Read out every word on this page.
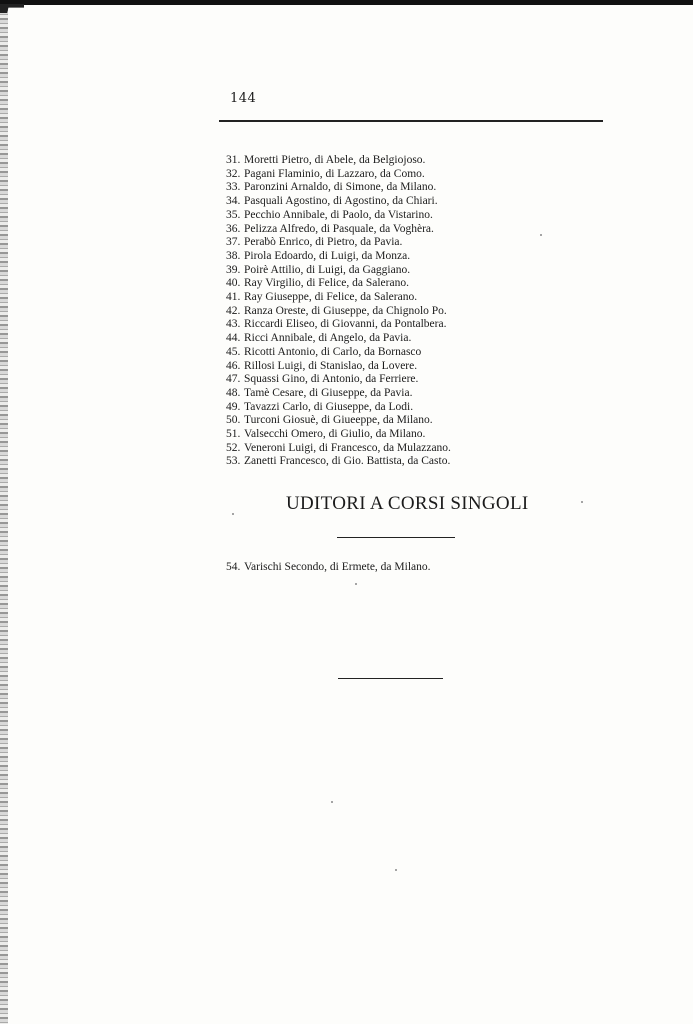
144
31. Moretti Pietro, di Abele, da Belgiojoso.
32. Pagani Flaminio, di Lazzaro, da Como.
33. Paronzini Arnaldo, di Simone, da Milano.
34. Pasquali Agostino, di Agostino, da Chiari.
35. Pecchio Annibale, di Paolo, da Vistarino.
36. Pelizza Alfredo, di Pasquale, da Voghèra.
37. Peraḃò Enrico, di Pietro, da Pavia.
38. Pirola Edoardo, di Luigi, da Monza.
39. Poirè Attilio, di Luigi, da Gaggiano.
40. Ray Virgilio, di Felice, da Salerano.
41. Ray Giuseppe, di Felice, da Salerano.
42. Ranza Oreste, di Giuseppe, da Chignolo Po.
43. Riccardi Eliseo, di Giovanni, da Pontalbera.
44. Ricci Annibale, di Angelo, da Pavia.
45. Ricotti Antonio, di Carlo, da Bornasco
46. Rillosi Luigi, di Stanislao, da Lovere.
47. Squassi Gino, di Antonio, da Ferriere.
48. Tamè Cesare, di Giuseppe, da Pavia.
49. Tavazzi Carlo, di Giuseppe, da Lodi.
50. Turconi Giosuè, di Giueeppe, da Milano.
51. Valsecchi Omero, di Giulio, da Milano.
52. Veneroni Luigi, di Francesco, da Mulazzano.
53. Zanetti Francesco, di Gio. Battista, da Casto.
UDITORI A CORSI SINGOLI
54. Varischi Secondo, di Ermete, da Milano.
